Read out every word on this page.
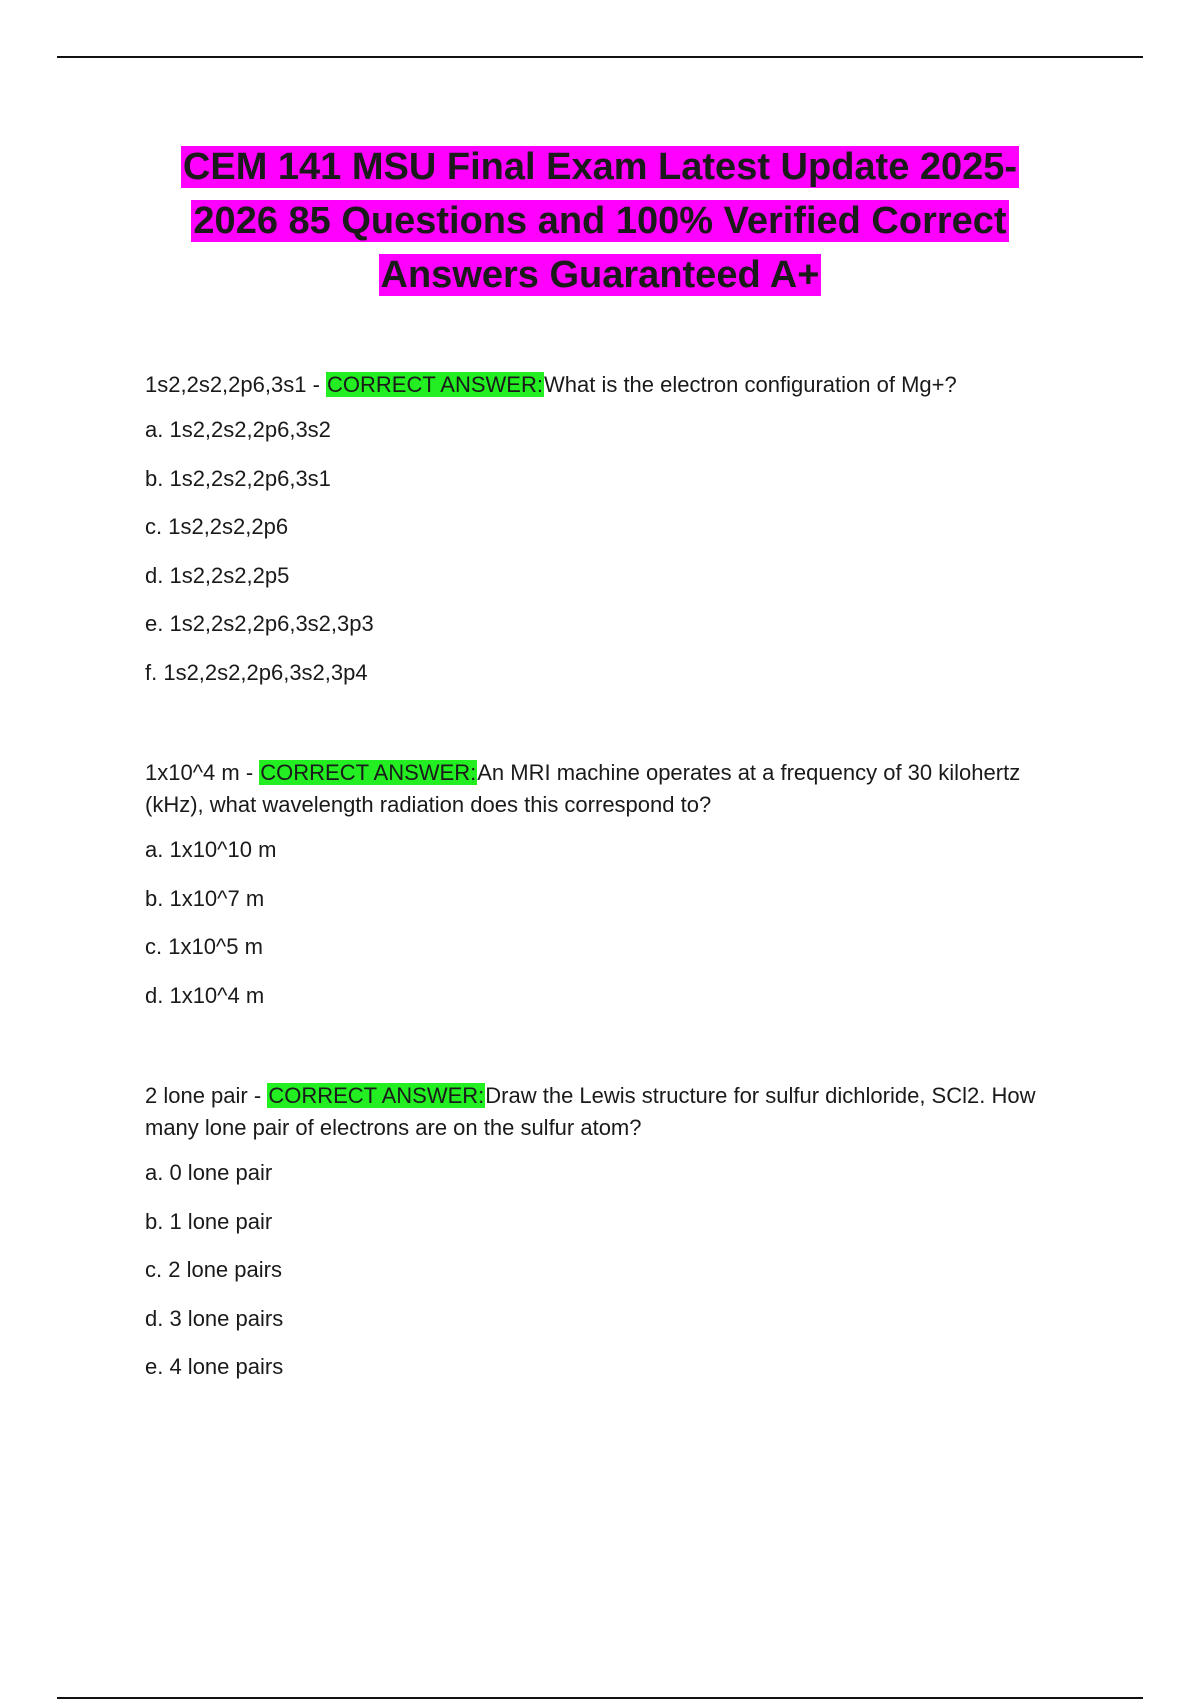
CEM 141 MSU Final Exam Latest Update 2025-
2026 85 Questions and 100% Verified Correct
Answers Guaranteed A+
1s2,2s2,2p6,3s1 - CORRECT ANSWER:What is the electron configuration of Mg+?
a. 1s2,2s2,2p6,3s2
b. 1s2,2s2,2p6,3s1
c. 1s2,2s2,2p6
d. 1s2,2s2,2p5
e. 1s2,2s2,2p6,3s2,3p3
f. 1s2,2s2,2p6,3s2,3p4
1x10^4 m - CORRECT ANSWER:An MRI machine operates at a frequency of 30 kilohertz (kHz), what wavelength radiation does this correspond to?
a. 1x10^10 m
b. 1x10^7 m
c. 1x10^5 m
d. 1x10^4 m
2 lone pair - CORRECT ANSWER:Draw the Lewis structure for sulfur dichloride, SCl2. How many lone pair of electrons are on the sulfur atom?
a. 0 lone pair
b. 1 lone pair
c. 2 lone pairs
d. 3 lone pairs
e. 4 lone pairs
